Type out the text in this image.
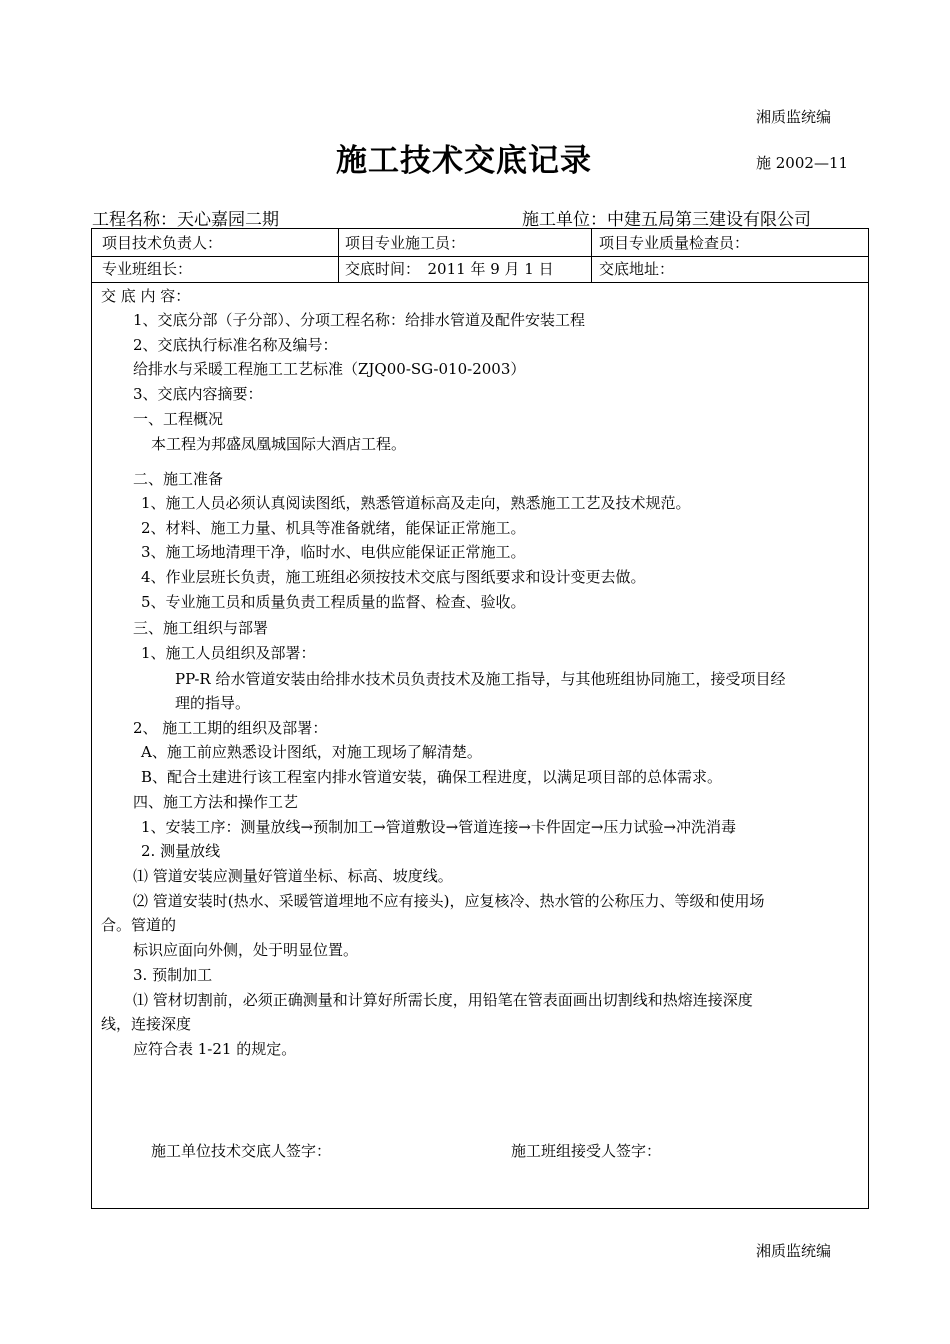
湘质监统编
施工技术交底记录	施 2002—11
工程名称：天心嘉园二期	施工单位：中建五局第三建设有限公司
项目技术负责人：	项目专业施工员：	项目专业质量检查员：
专业班组长：	交底时间：　2011 年 9 月 1 日	交底地址：
交 底 内 容：
1、交底分部（子分部）、分项工程名称：给排水管道及配件安装工程
2、交底执行标准名称及编号：
给排水与采暖工程施工工艺标准（ZJQ00-SG-010-2003）
3、交底内容摘要：
一、工程概况
本工程为邦盛凤凰城国际大酒店工程。
二、施工准备
1、施工人员必须认真阅读图纸，熟悉管道标高及走向，熟悉施工工艺及技术规范。
2、材料、施工力量、机具等准备就绪，能保证正常施工。
3、施工场地清理干净，临时水、电供应能保证正常施工。
4、作业层班长负责，施工班组必须按技术交底与图纸要求和设计变更去做。
5、专业施工员和质量负责工程质量的监督、检查、验收。
三、施工组织与部署
1、施工人员组织及部署：
PP-R 给水管道安装由给排水技术员负责技术及施工指导，与其他班组协同施工，接受项目经
理的指导。
2、 施工工期的组织及部署：
A、施工前应熟悉设计图纸，对施工现场了解清楚。
B、配合土建进行该工程室内排水管道安装，确保工程进度，以满足项目部的总体需求。
四、施工方法和操作工艺
1、安装工序：测量放线→预制加工→管道敷设→管道连接→卡件固定→压力试验→冲洗消毒
2. 测量放线
⑴ 管道安装应测量好管道坐标、标高、坡度线。
⑵ 管道安装时(热水、采暖管道埋地不应有接头)，应复核冷、热水管的公称压力、等级和使用场
合。管道的
标识应面向外侧，处于明显位置。
3. 预制加工
⑴ 管材切割前，必须正确测量和计算好所需长度，用铅笔在管表面画出切割线和热熔连接深度
线，连接深度
应符合表 1-21 的规定。
施工单位技术交底人签字：	施工班组接受人签字：
湘质监统编
